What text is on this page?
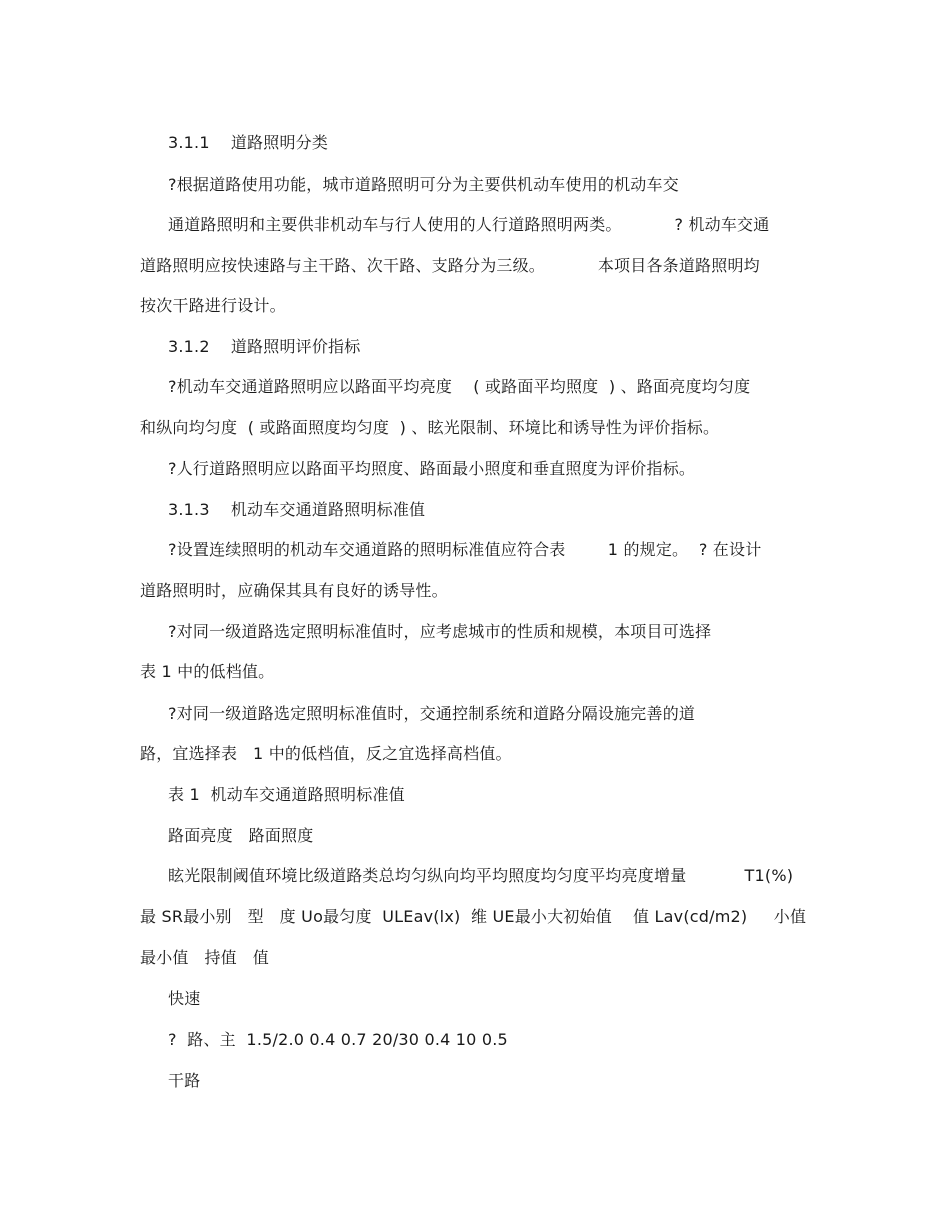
3.1.1    道路照明分类
?根据道路使用功能，城市道路照明可分为主要供机动车使用的机动车交
通道路照明和主要供非机动车与行人使用的人行道路照明两类。          ? 机动车交通
道路照明应按快速路与主干路、次干路、支路分为三级。          本项目各条道路照明均
按次干路进行设计。
3.1.2    道路照明评价指标
?机动车交通道路照明应以路面平均亮度    ( 或路面平均照度  ) 、路面亮度均匀度
和纵向均匀度  ( 或路面照度均匀度  ) 、眩光限制、环境比和诱导性为评价指标。
?人行道路照明应以路面平均照度、路面最小照度和垂直照度为评价指标。
3.1.3    机动车交通道路照明标准值
?设置连续照明的机动车交通道路的照明标准值应符合表        1 的规定。  ? 在设计
道路照明时，应确保其具有良好的诱导性。
?对同一级道路选定照明标准值时，应考虑城市的性质和规模，本项目可选择
表 1 中的低档值。
?对同一级道路选定照明标准值时，交通控制系统和道路分隔设施完善的道
路，宜选择表   1 中的低档值，反之宜选择高档值。
表 1  机动车交通道路照明标准值
路面亮度   路面照度
眩光限制阈值环境比级道路类总均匀纵向均平均照度均匀度平均亮度增量           T1(%)
最 SR最小别   型   度 Uo最匀度  ULEav(lx)  维 UE最小大初始值    值 Lav(cd/m2)     小值
最小值   持值   值
快速
?  路、主  1.5/2.0 0.4 0.7 20/30 0.4 10 0.5
干路
